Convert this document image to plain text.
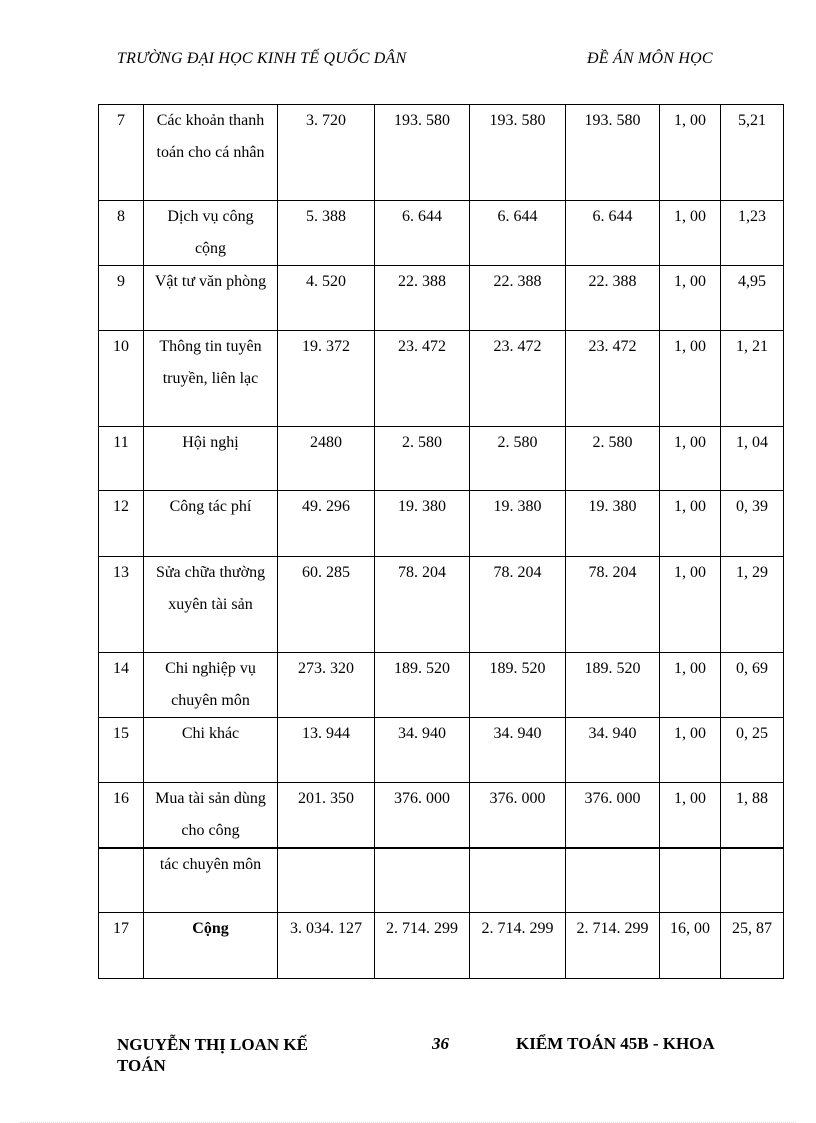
TRƯỜNG ĐẠI HỌC KINH TẾ QUỐC DÂN	ĐỀ ÁN MÔN HỌC
7	Các khoản thanh toán cho cá nhân	3. 720	193. 580	193. 580	193. 580	1, 00	5,21
8	Dịch vụ công cộng	5. 388	6. 644	6. 644	6. 644	1, 00	1,23
9	Vật tư văn phòng	4. 520	22. 388	22. 388	22. 388	1, 00	4,95
10	Thông tin tuyên truyền, liên lạc	19. 372	23. 472	23. 472	23. 472	1, 00	1, 21
11	Hội nghị	2480	2. 580	2. 580	2. 580	1, 00	1, 04
12	Công tác phí	49. 296	19. 380	19. 380	19. 380	1, 00	0, 39
13	Sửa chữa thường xuyên tài sản	60. 285	78. 204	78. 204	78. 204	1, 00	1, 29
14	Chi nghiệp vụ chuyên môn	273. 320	189. 520	189. 520	189. 520	1, 00	0, 69
15	Chi khác	13. 944	34. 940	34. 940	34. 940	1, 00	0, 25
16	Mua tài sản dùng cho công	201. 350	376. 000	376. 000	376. 000	1, 00	1, 88
	tác chuyên môn						
17	Cộng	3. 034. 127	2. 714. 299	2. 714. 299	2. 714. 299	16, 00	25, 87
NGUYỄN THỊ LOAN KẾ TOÁN
36	KIỂM TOÁN 45B - KHOA
